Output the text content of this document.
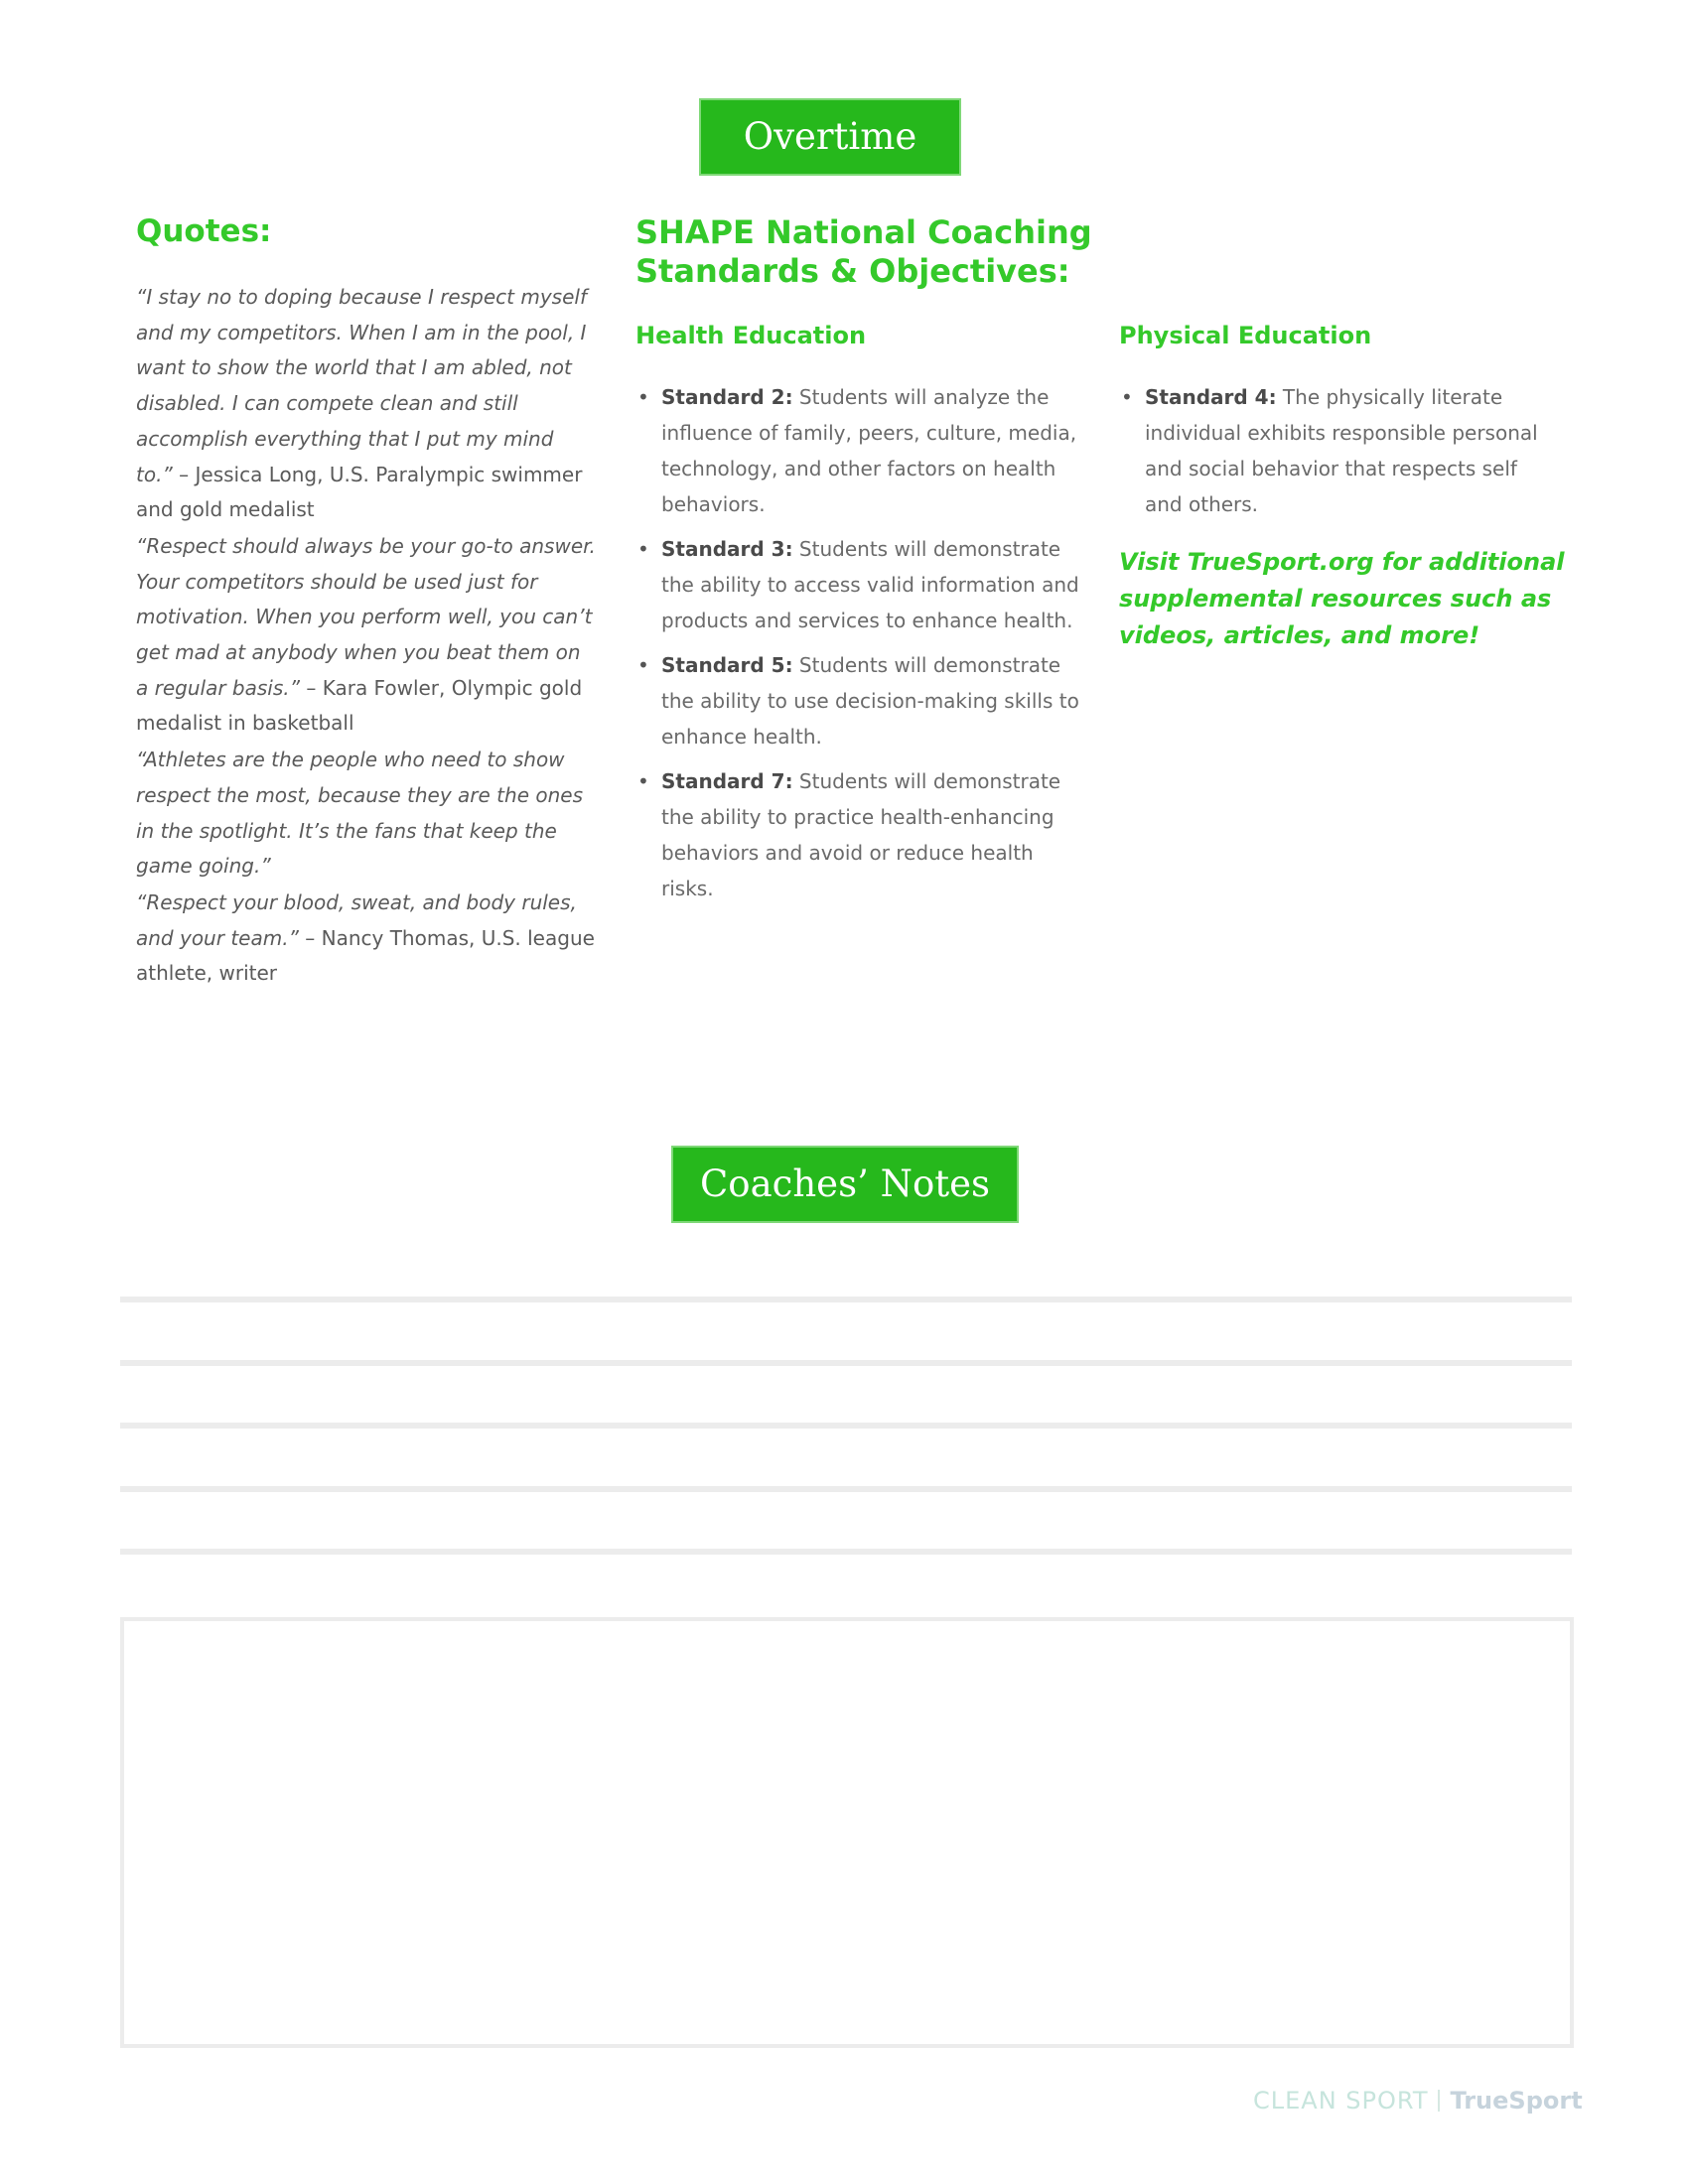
Overtime
Quotes:

“I stay no to doping because I respect myself and my competitors. When I am in the pool, I want to show the world that I am abled, not disabled. I can compete clean and still accomplish everything that I put my mind to.” – Jessica Long, U.S. Paralympic swimmer and gold medalist

“Respect should always be your go-to answer. Your competitors should be used just for motivation. When you perform well, you can’t get mad at anybody when you beat them on a regular basis.” – Kara Fowler, Olympic gold medalist in basketball

“Athletes are the people who need to show respect the most, because they are the ones in the spotlight. It’s the fans that keep the game going.”

“Respect your blood, sweat, and body rules, and your team.” – Nancy Thomas, U.S. league athlete, writer

SHAPE National Coaching Standards & Objectives:
Health Education
• Standard 2: Students will analyze the influence of family, peers, culture, media, technology, and other factors on health behaviors.
• Standard 3: Students will demonstrate the ability to access valid information and products and services to enhance health.
• Standard 5: Students will demonstrate the ability to use decision-making skills to enhance health.
• Standard 7: Students will demonstrate the ability to practice health-enhancing behaviors and avoid or reduce health risks.
Physical Education
• Standard 4: The physically literate individual exhibits responsible personal and social behavior that respects self and others.

Visit TrueSport.org for additional supplemental resources such as videos, articles, and more!

Coaches’ Notes
CLEAN SPORT TrueSport
